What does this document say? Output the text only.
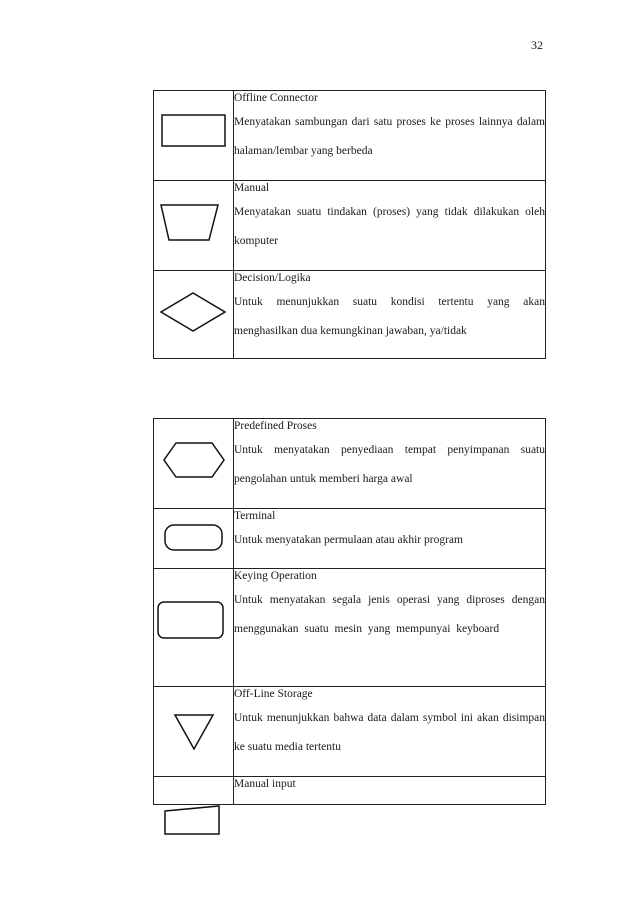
32

Offline Connector
Menyatakan sambungan dari satu proses ke proses lainnya dalam halaman/lembar yang berbeda

Manual
Menyatakan suatu tindakan (proses) yang tidak dilakukan oleh komputer

Decision/Logika
Untuk menunjukkan suatu kondisi tertentu yang akan menghasilkan dua kemungkinan jawaban, ya/tidak

Predefined Proses
Untuk menyatakan penyediaan tempat penyimpanan suatu pengolahan untuk memberi harga awal

Terminal
Untuk menyatakan permulaan atau akhir program

Keying Operation
Untuk menyatakan segala jenis operasi yang diproses dengan menggunakan suatu mesin yang mempunyai keyboard

Off-Line Storage
Untuk menunjukkan bahwa data dalam symbol ini akan disimpan ke suatu media tertentu

	Manual input
